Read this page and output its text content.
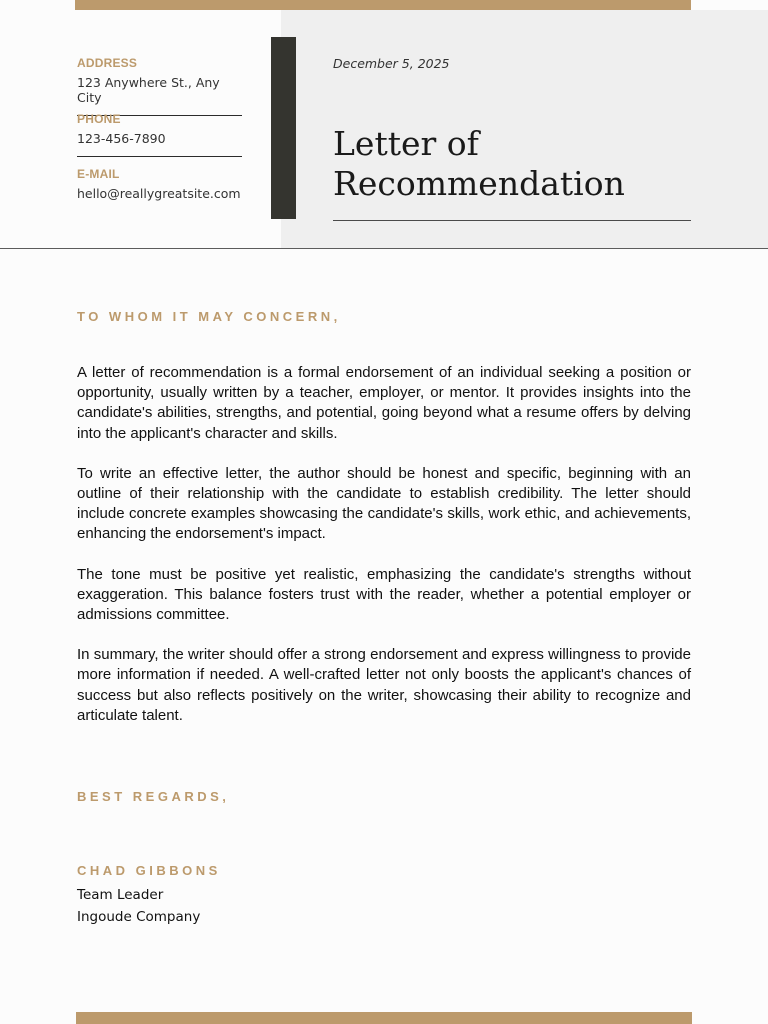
ADDRESS
123 Anywhere St., Any City
PHONE
123-456-7890
E-MAIL
hello@reallygreatsite.com
December 5, 2025
Letter of
Recommendation
TO WHOM IT MAY CONCERN,

A letter of recommendation is a formal endorsement of an individual seeking a position or opportunity, usually written by a teacher, employer, or mentor. It provides insights into the candidate's abilities, strengths, and potential, going beyond what a resume offers by delving into the applicant's character and skills.

To write an effective letter, the author should be honest and specific, beginning with an outline of their relationship with the candidate to establish credibility. The letter should include concrete examples showcasing the candidate's skills, work ethic, and achievements, enhancing the endorsement's impact.

The tone must be positive yet realistic, emphasizing the candidate's strengths without exaggeration. This balance fosters trust with the reader, whether a potential employer or admissions committee.

In summary, the writer should offer a strong endorsement and express willingness to provide more information if needed. A well-crafted letter not only boosts the applicant's chances of success but also reflects positively on the writer, showcasing their ability to recognize and articulate talent.

BEST REGARDS,
CHAD GIBBONS
Team Leader
Ingoude Company
